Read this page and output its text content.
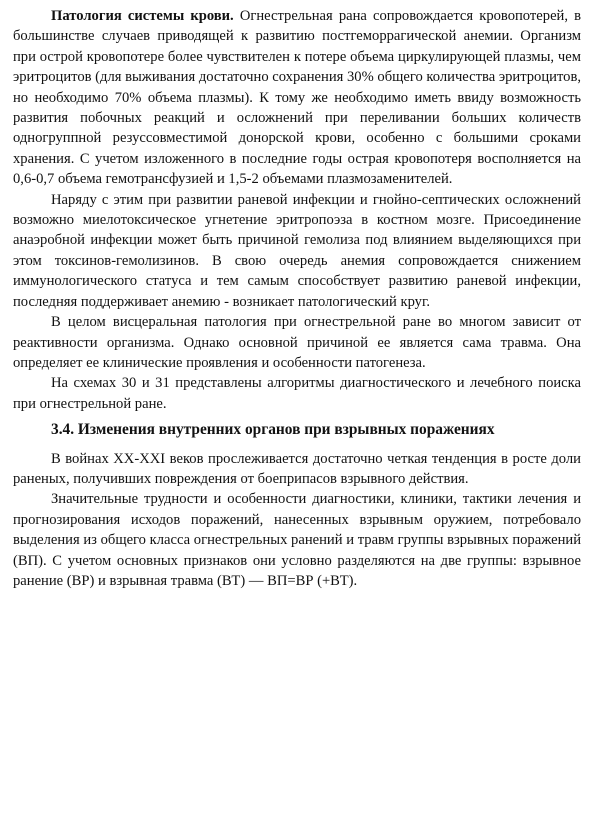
Патология системы крови. Огнестрельная рана сопровождается кровопотерей, в большинстве случаев приводящей к развитию постгеморрагической анемии. Организм при острой кровопотере более чувствителен к потере объема циркулирующей плазмы, чем эритроцитов (для выживания достаточно сохранения 30% общего количества эритроцитов, но необходимо 70% объема плазмы). К тому же необходимо иметь ввиду возможность развития побочных реакций и осложнений при переливании больших количеств одногруппной резуссовместимой донорской крови, особенно с большими сроками хранения. С учетом изложенного в последние годы острая кровопотеря восполняется на 0,6-0,7 объема гемотрансфузией и 1,5-2 объемами плазмозаменителей.

Наряду с этим при развитии раневой инфекции и гнойно-септических осложнений возможно миелотоксическое угнетение эритропоэза в костном мозге. Присоединение анаэробной инфекции может быть причиной гемолиза под влиянием выделяющихся при этом токсинов-гемолизинов. В свою очередь анемия сопровождается снижением иммунологического статуса и тем самым способствует развитию раневой инфекции, последняя поддерживает анемию - возникает патологический круг.

В целом висцеральная патология при огнестрельной ране во многом зависит от реактивности организма. Однако основной причиной ее является сама травма. Она определяет ее клинические проявления и особенности патогенеза.

На схемах 30 и 31 представлены алгоритмы диагностического и лечебного поиска при огнестрельной ране.

3.4. Изменения внутренних органов при взрывных поражениях

В войнах XX-XXI веков прослеживается достаточно четкая тенденция в росте доли раненых, получивших повреждения от боеприпасов взрывного действия.

Значительные трудности и особенности диагностики, клиники, тактики лечения и прогнозирования исходов поражений, нанесенных взрывным оружием, потребовало выделения из общего класса огнестрельных ранений и травм группы взрывных поражений (ВП). С учетом основных признаков они условно разделяются на две группы: взрывное ранение (ВР) и взрывная травма (ВТ) — ВП=ВР (+ВТ).
